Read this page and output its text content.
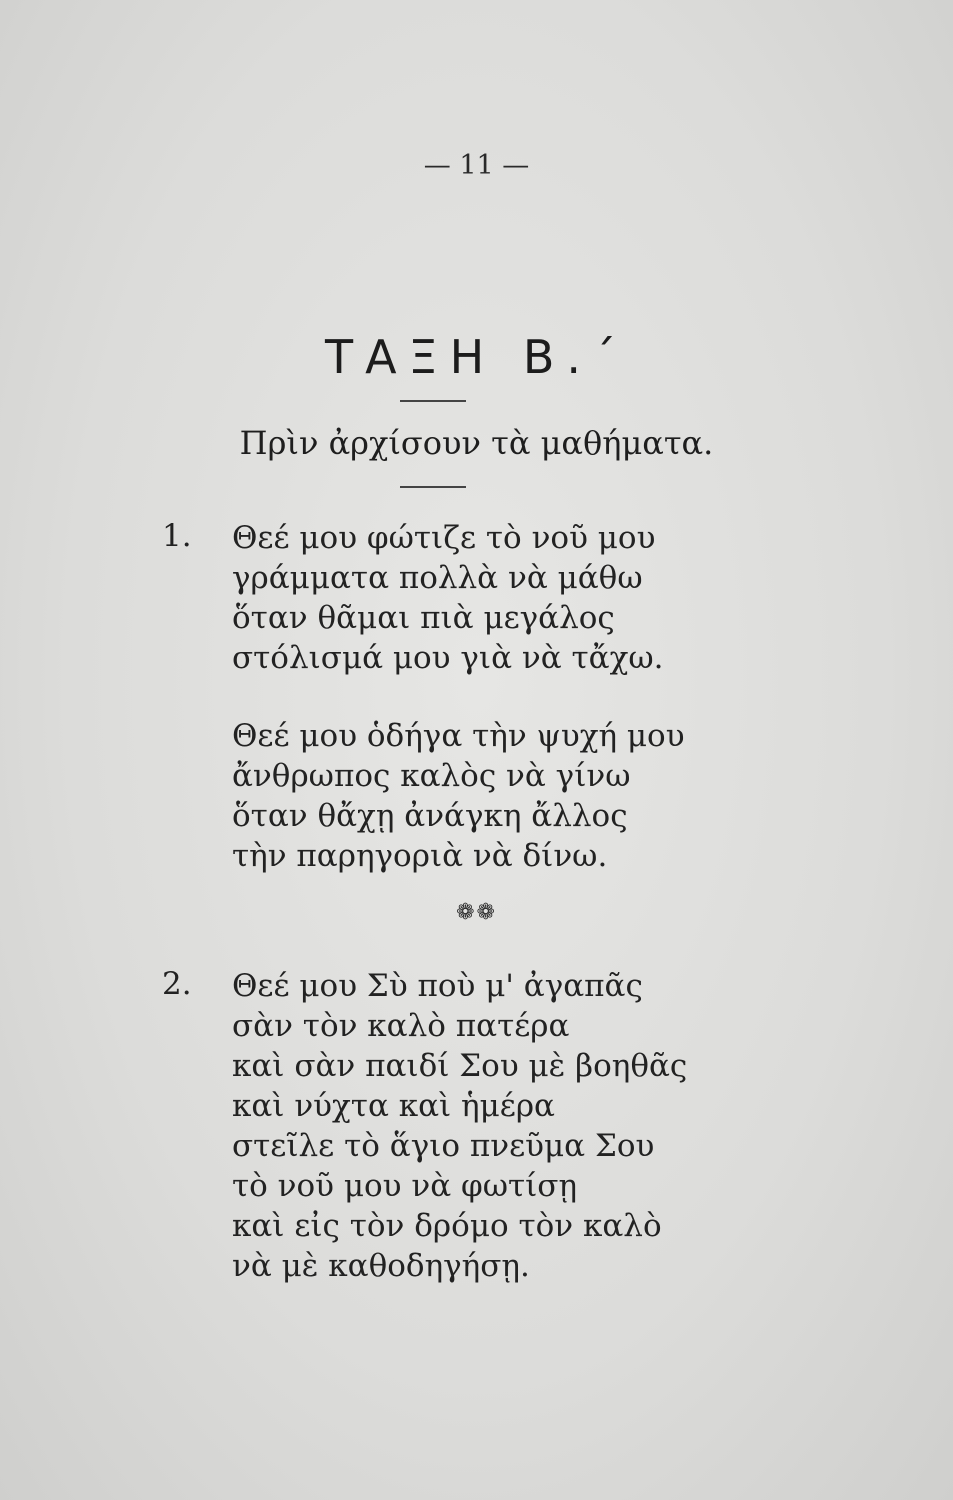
— 11 —
ΤΑΞΗ Β.΄
Πρὶν ἀρχίσουν τὰ μαθήματα.
1. Θεέ μου φώτιζε τὸ νοῦ μου
γράμματα πολλὰ νὰ μάθω
ὅταν θᾶμαι πιὰ μεγάλος
στόλισμά μου γιὰ νὰ τἄχω.
Θεέ μου ὁδήγα τὴν ψυχή μου
ἄνθρωπος καλὸς νὰ γίνω
ὅταν θἄχῃ ἀνάγκη ἄλλος
τὴν παρηγοριὰ νὰ δίνω.
❁❁
2. Θεέ μου Σὺ ποὺ μ' ἀγαπᾶς
σὰν τὸν καλὸ πατέρα
καὶ σὰν παιδί Σου μὲ βοηθᾶς
καὶ νύχτα καὶ ἡμέρα
στεῖλε τὸ ἅγιο πνεῦμα Σου
τὸ νοῦ μου νὰ φωτίσῃ
καὶ εἰς τὸν δρόμο τὸν καλὸ
νὰ μὲ καθοδηγήσῃ.
